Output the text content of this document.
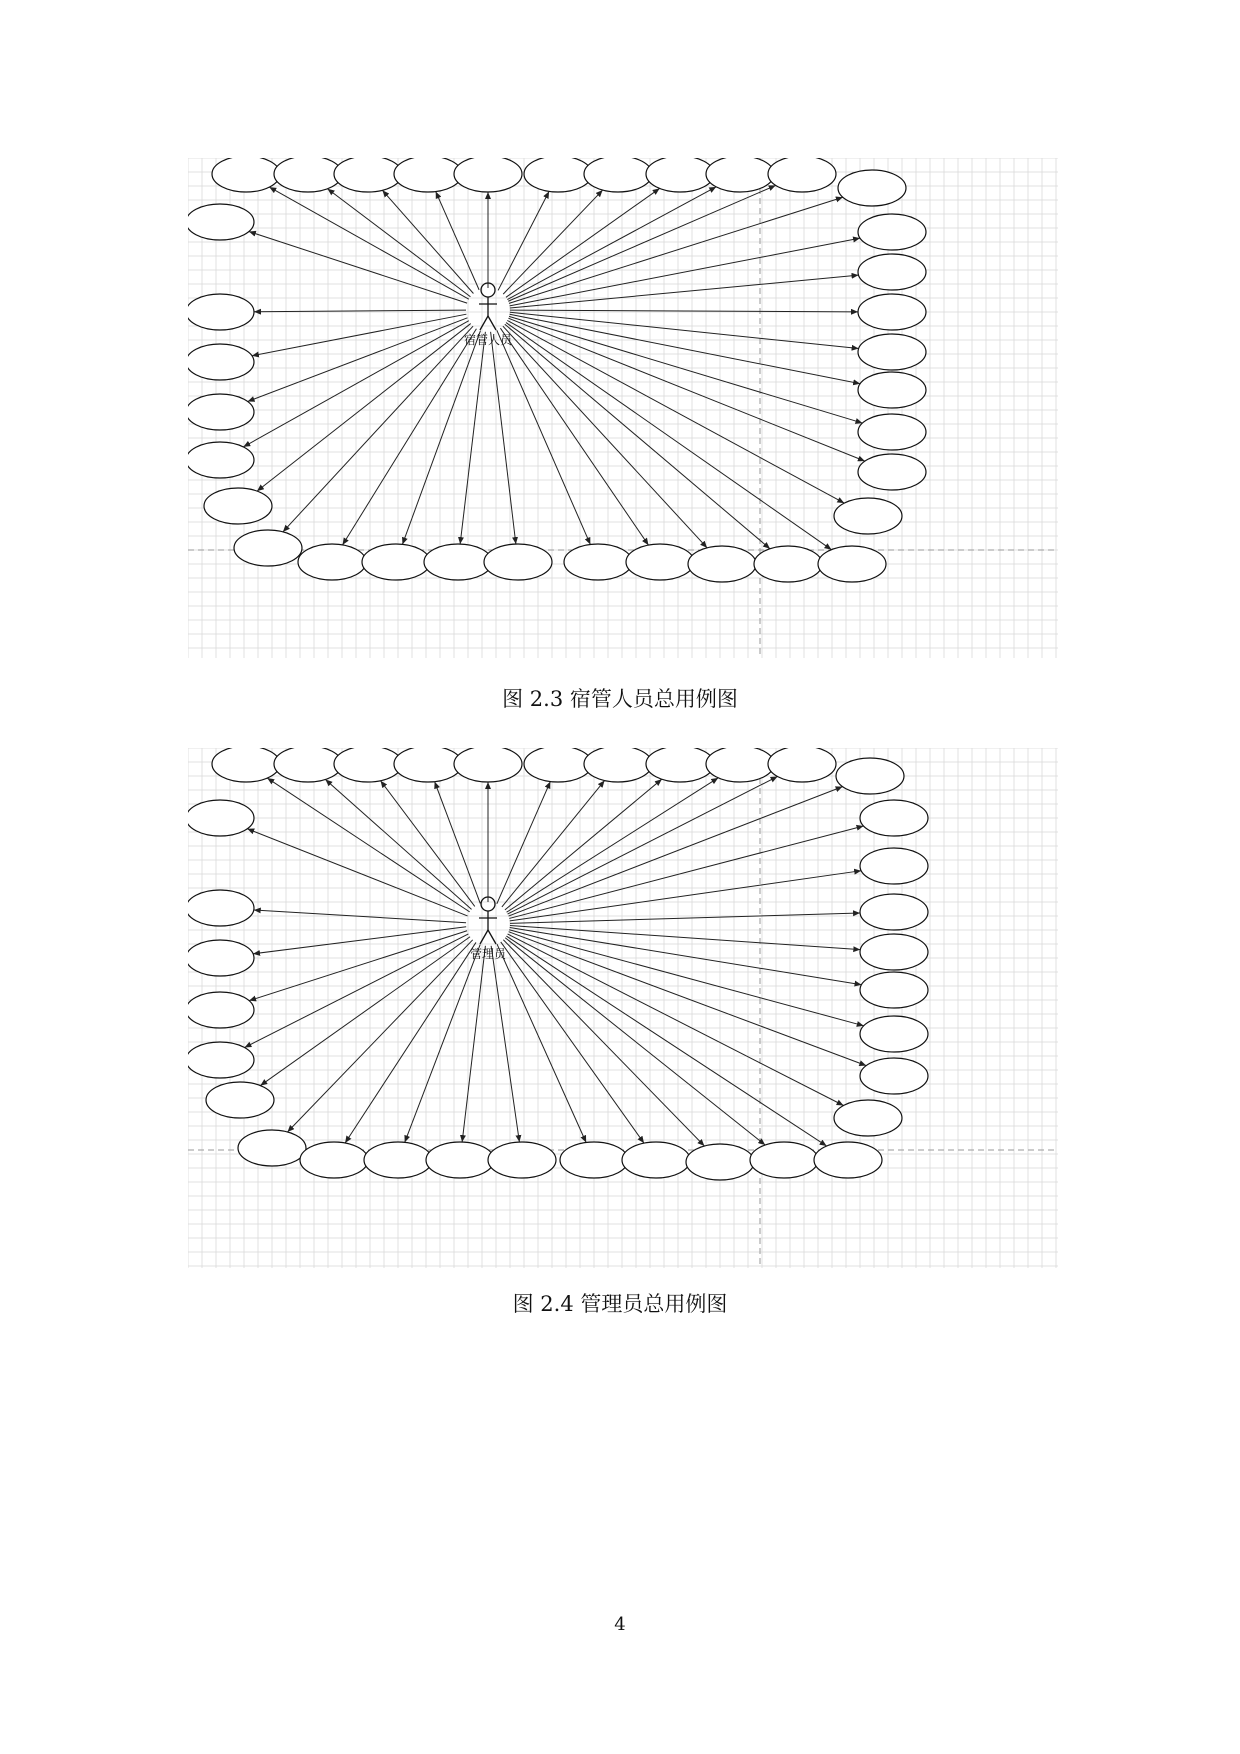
宿管人员
图 2.3 宿管人员总用例图
管理员
图 2.4 管理员总用例图
4
